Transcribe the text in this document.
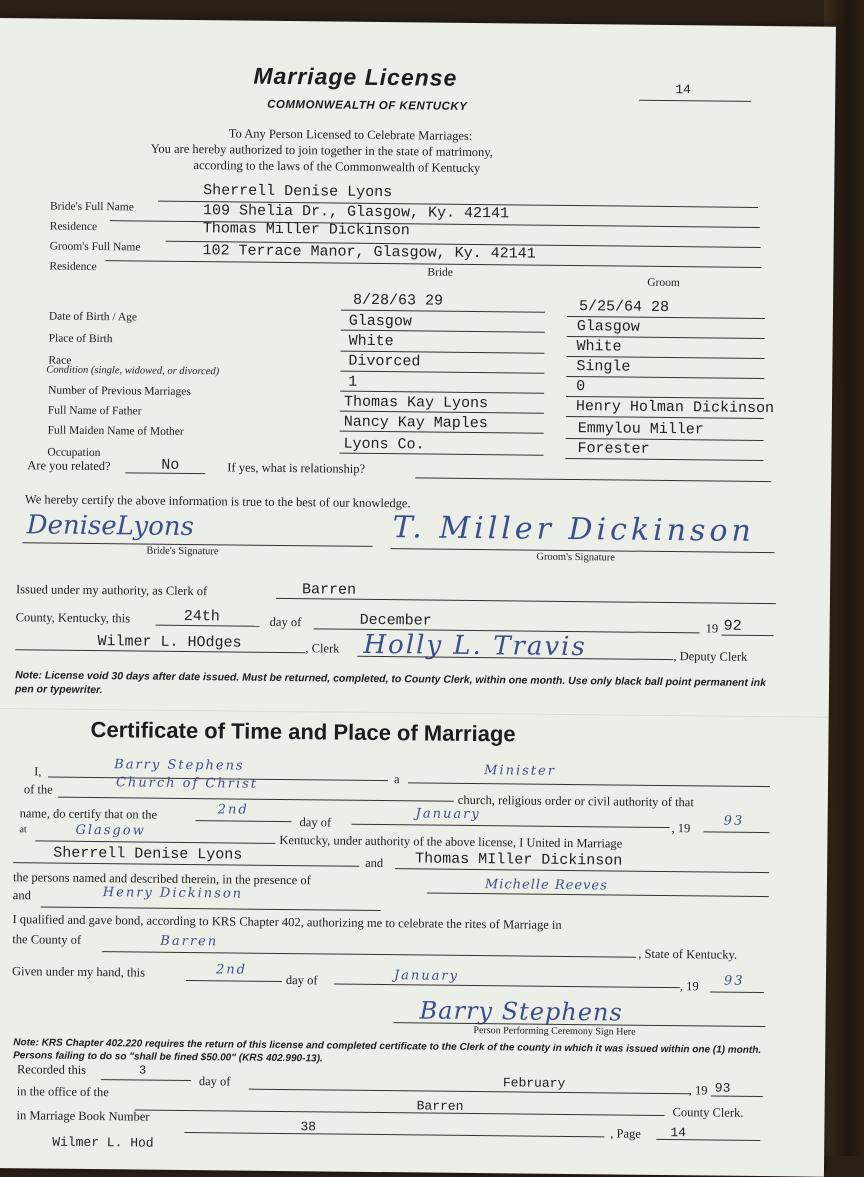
Marriage License
COMMONWEALTH OF KENTUCKY
14
To Any Person Licensed to Celebrate Marriages:
You are hereby authorized to join together in the state of matrimony,
according to the laws of the Commonwealth of Kentucky
Bride's Full Name
Sherrell Denise Lyons
Residence
109 Shelia Dr., Glasgow, Ky. 42141
Groom's Full Name
Thomas Miller Dickinson
Residence
102 Terrace Manor, Glasgow, Ky. 42141
Bride
Groom
Date of Birth / Age
8/28/63 29	5/25/64 28
Place of Birth
Glasgow	Glasgow
Race
White	White
Condition (single, widowed, or divorced)
Divorced	Single
Number of Previous Marriages
1	0
Full Name of Father	Thomas Kay Lyons	Henry Holman Dickinson
Full Maiden Name of Mother	Nancy Kay Maples	Emmylou Miller
Occupation	Lyons Co.	Forester
Are you related?	No	If yes, what is relationship?
We hereby certify the above information is true to the best of our knowledge.
DeniseLyons
Bride's Signature
T. Miller Dickinson
Groom's Signature
Issued under my authority, as Clerk of	Barren
County, Kentucky, this	24th	day of	December	19 92
Wilmer L. HOdges	, Clerk Holly L. Travis	, Deputy Clerk
Note: License void 30 days after date issued. Must be returned, completed, to County Clerk, within one month. Use only black ball point permanent ink pen or typewriter.
Certificate of Time and Place of Marriage
I,	Barry Stephens
a
Minister
of the	Church of Christ
church, religious order or civil authority of that
name, do certify that on the	2nd
day of
January
, 19	93
at	Glasgow
Kentucky, under authority of the above license, I United in Marriage
Sherrell Denise Lyons	and Thomas MIller Dickinson
the persons named and described therein, in the presence of	Michelle Reeves
and	Henry Dickinson
I qualified and gave bond, according to KRS Chapter 402, authorizing me to celebrate the rites of Marriage in
the County of	Barren
, State of Kentucky.
Given under my hand, this	2nd
day of	January
, 19 93
Barry Stephens
Person Performing Ceremony Sign Here
Note: KRS Chapter 402.220 requires the return of this license and completed certificate to the Clerk of the county in which it was issued within one (1) month. Persons failing to do so "shall be fined $50.00" (KRS 402.990-13).
Recorded this	3
day of	February	, 19 93
in the office of the
Barren	County Clerk.
in Marriage Book Number
38	, Page 14
Wilmer L. Hod
